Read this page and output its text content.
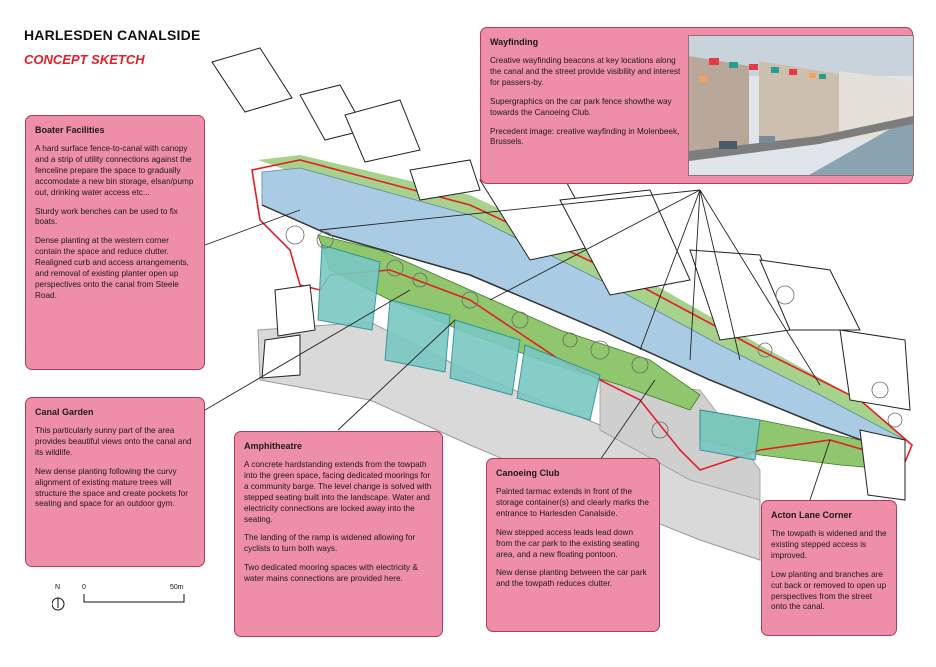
HARLESDEN CANALSIDE
CONCEPT SKETCH
Wayfinding

Creative wayfinding beacons at key locations along the canal and the street provide visibility and interest for passers-by.

Supergraphics on the car park fence showthe way towards the Canoeing Club.

Precedent image: creative wayfinding in Molenbeek, Brussels.

Boater Facilities

A hard surface fence-to-canal with canopy and a strip of utility connections against the fenceline prepare the space to gradually accomodate a new bin storage, elsan/pump out, drinking water access etc...

Sturdy work benches can be used to fix boats.

Dense planting at the western corner contain the space and reduce clutter. Realigned curb and access arrangements, and removal of existing planter open up perspectives onto the canal from Steele Road.

Canal Garden

This particularly sunny part of the area provides beautiful views onto the canal and its wildlife.

New dense planting following the curvy alignment of existing mature trees will structure the space and create pockets for seating and space for an outdoor gym.

Amphitheatre

A concrete hardstanding extends from the towpath into the green space, facing dedicated moorings for a community barge. The level change is solved with stepped seating built into the landscape. Water and electricity connections are locked away into the seating.

The landing of the ramp is widened allowing for cyclists to turn both ways.

Two dedicated mooring spaces with electricity & water mains connections are provided here.

Canoeing Club

Painted tarmac extends in front of the storage container(s) and clearly marks the entrance to Harlesden Canalside.

New stepped access leads lead down from the car park to the existing seating area, and a new floating pontoon.

New dense planting between the car park and the towpath reduces clutter.

Acton Lane Corner

The towpath is widened and the existing stepped access is improved.

Low planting and branches are cut back or removed to open up perspectives from the street onto the canal.

N	0	50m
